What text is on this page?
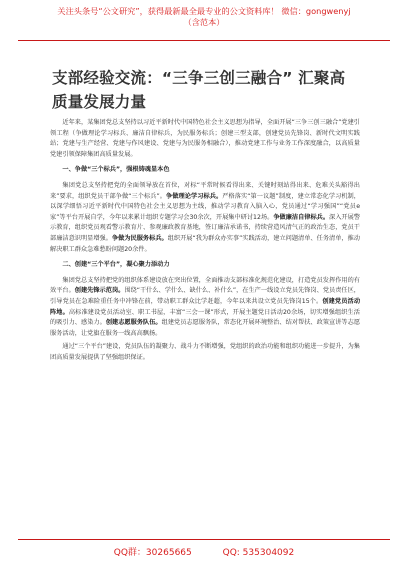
关注头条号“公文研究”，获得最新最全最专业的公文资料库！ 微信：gongwenyj
（含范本）
支部经验交流：“三争三创三融合” 汇聚高质量发展力量

近年来，某集团党总支坚持以习近平新时代中国特色社会主义思想为指导，全面开展“三争三创三融合”党建引领工程（争做理论学习标兵、廉洁自律标兵，为民服务标兵；创建三型支部，创建党员先锋岗、新时代文明实践站；党建与生产经营、党建与作风建设、党建与为民服务相融合），推动党建工作与业务工作深度融合，以高质量党建引领保障集团高质量发展。

一、争做“三个标兵”，强根铸魂显本色

集团党总支坚持把党的全面领导放在首位，对标“平常时候看得出来、关键时刻站得出来、危难关头豁得出来”要求，组织党员干部争做“三个标兵”。争做理论学习标兵。严格落实“第一议题”制度，建立常态化学习机制，以深学细悟习近平新时代中国特色社会主义思想为主线，推动学习教育入脑入心，党员通过“学习强国”“党员e家”等平台开展自学，今年以来累计组织专题学习会30余次，开展集中研讨12场。争做廉洁自律标兵。深入开展警示教育，组织党员观看警示教育片、参观廉政教育基地，签订廉洁承诺书，持续营造风清气正的政治生态，党员干部廉洁意识明显增强。争做为民服务标兵。组织开展“我为群众办实事”实践活动，建立问题清单、任务清单，推动解决职工群众急难愁盼问题20余件。

二、创建“三个平台”，凝心聚力添动力

集团党总支坚持把党的组织体系建设放在突出位置，全面推动支部标准化规范化建设，打造党员发挥作用的有效平台。创建先锋示范岗。围绕“干什么、学什么、缺什么、补什么”，在生产一线设立党员先锋岗、党员责任区，引导党员在急难险重任务中冲锋在前，带动职工群众比学赶超，今年以来共设立党员先锋岗15个。创建党员活动阵地。高标准建设党员活动室、职工书屋，丰富“三会一课”形式，开展主题党日活动20余场，切实增强组织生活的吸引力、感染力。创建志愿服务队伍。组建党员志愿服务队，常态化开展环境整治、结对帮扶、政策宣讲等志愿服务活动，让党旗在服务一线高高飘扬。

通过“三个平台”建设，党员队伍的凝聚力、战斗力不断增强，党组织的政治功能和组织功能进一步提升，为集团高质量发展提供了坚强组织保证。

QQ群：30265665	QQ: 535304092
